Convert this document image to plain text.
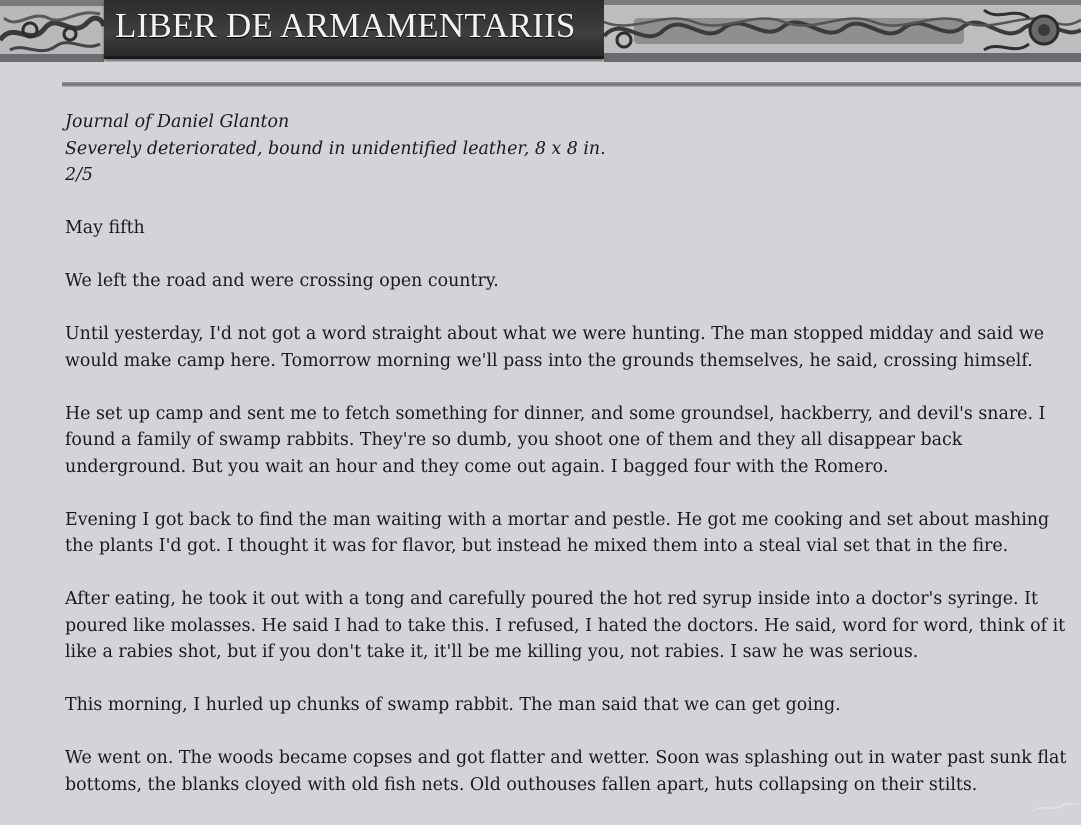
LIBER DE ARMAMENTARIIS
Journal of Daniel Glanton
Severely deteriorated, bound in unidentified leather, 8 x 8 in.
2/5

May fifth

We left the road and were crossing open country.

Until yesterday, I'd not got a word straight about what we were hunting. The man stopped midday and said we would make camp here. Tomorrow morning we'll pass into the grounds themselves, he said, crossing himself.

He set up camp and sent me to fetch something for dinner, and some groundsel, hackberry, and devil's snare. I found a family of swamp rabbits. They're so dumb, you shoot one of them and they all disappear back underground. But you wait an hour and they come out again. I bagged four with the Romero.

Evening I got back to find the man waiting with a mortar and pestle. He got me cooking and set about mashing the plants I'd got. I thought it was for flavor, but instead he mixed them into a steal vial set that in the fire.

After eating, he took it out with a tong and carefully poured the hot red syrup inside into a doctor's syringe. It poured like molasses. He said I had to take this. I refused, I hated the doctors. He said, word for word, think of it like a rabies shot, but if you don't take it, it'll be me killing you, not rabies. I saw he was serious.

This morning, I hurled up chunks of swamp rabbit. The man said that we can get going.

We went on. The woods became copses and got flatter and wetter. Soon was splashing out in water past sunk flat bottoms, the blanks cloyed with old fish nets. Old outhouses fallen apart, huts collapsing on their stilts.
